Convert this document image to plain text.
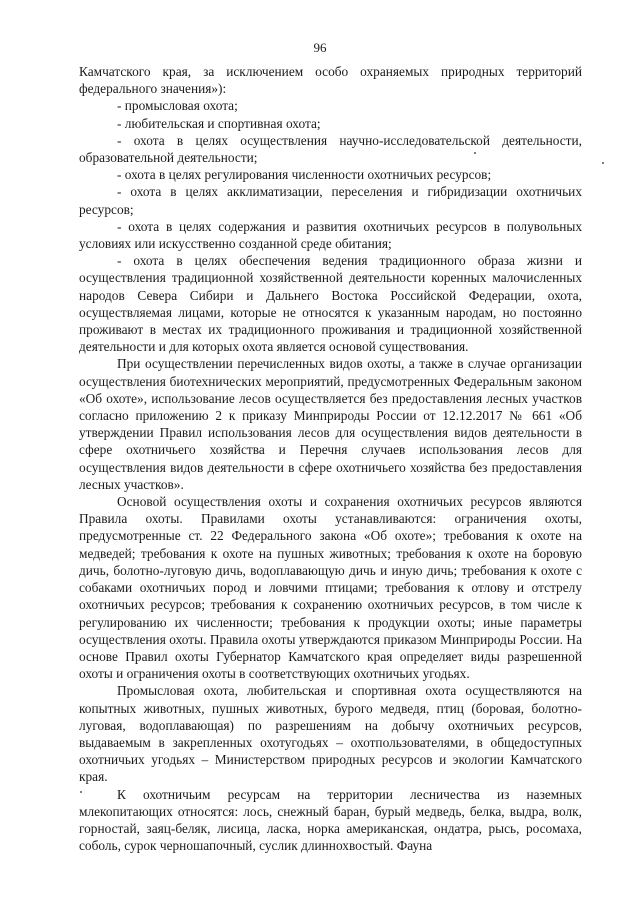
96

Камчатского края, за исключением особо охраняемых природных территорий федерального значения»):

- промысловая охота;

- любительская и спортивная охота;

- охота в целях осуществления научно-исследовательской деятельности, образовательной деятельности;

- охота в целях регулирования численности охотничьих ресурсов;

- охота в целях акклиматизации, переселения и гибридизации охотничьих ресурсов;

- охота в целях содержания и развития охотничьих ресурсов в полувольных условиях или искусственно созданной среде обитания;

- охота в целях обеспечения ведения традиционного образа жизни и осуществления традиционной хозяйственной деятельности коренных малочисленных народов Севера Сибири и Дальнего Востока Российской Федерации, охота, осуществляемая лицами, которые не относятся к указанным народам, но постоянно проживают в местах их традиционного проживания и традиционной хозяйственной деятельности и для которых охота является основой существования.

При осуществлении перечисленных видов охоты, а также в случае организации осуществления биотехнических мероприятий, предусмотренных Федеральным законом «Об охоте», использование лесов осуществляется без предоставления лесных участков согласно приложению 2 к приказу Минприроды России от 12.12.2017 № 661 «Об утверждении Правил использования лесов для осуществления видов деятельности в сфере охотничьего хозяйства и Перечня случаев использования лесов для осуществления видов деятельности в сфере охотничьего хозяйства без предоставления лесных участков».

Основой осуществления охоты и сохранения охотничьих ресурсов являются Правила охоты. Правилами охоты устанавливаются: ограничения охоты, предусмотренные ст. 22 Федерального закона «Об охоте»; требования к охоте на медведей; требования к охоте на пушных животных; требования к охоте на боровую дичь, болотно-луговую дичь, водоплавающую дичь и иную дичь; требования к охоте с собаками охотничьих пород и ловчими птицами; требования к отлову и отстрелу охотничьих ресурсов; требования к сохранению охотничьих ресурсов, в том числе к регулированию их численности; требования к продукции охоты; иные параметры осуществления охоты. Правила охоты утверждаются приказом Минприроды России. На основе Правил охоты Губернатор Камчатского края определяет виды разрешенной охоты и ограничения охоты в соответствующих охотничьих угодьях.

Промысловая охота, любительская и спортивная охота осуществляются на копытных животных, пушных животных, бурого медведя, птиц (боровая, болотно-луговая, водоплавающая) по разрешениям на добычу охотничьих ресурсов, выдаваемым в закрепленных охотугодьях – охотпользователями, в общедоступных охотничьих угодьях – Министерством природных ресурсов и экологии Камчатского края.

К охотничьим ресурсам на территории лесничества из наземных млекопитающих относятся: лось, снежный баран, бурый медведь, белка, выдра, волк, горностай, заяц-беляк, лисица, ласка, норка американская, ондатра, рысь, росомаха, соболь, сурок черношапочный, суслик длиннохвостый. Фауна
